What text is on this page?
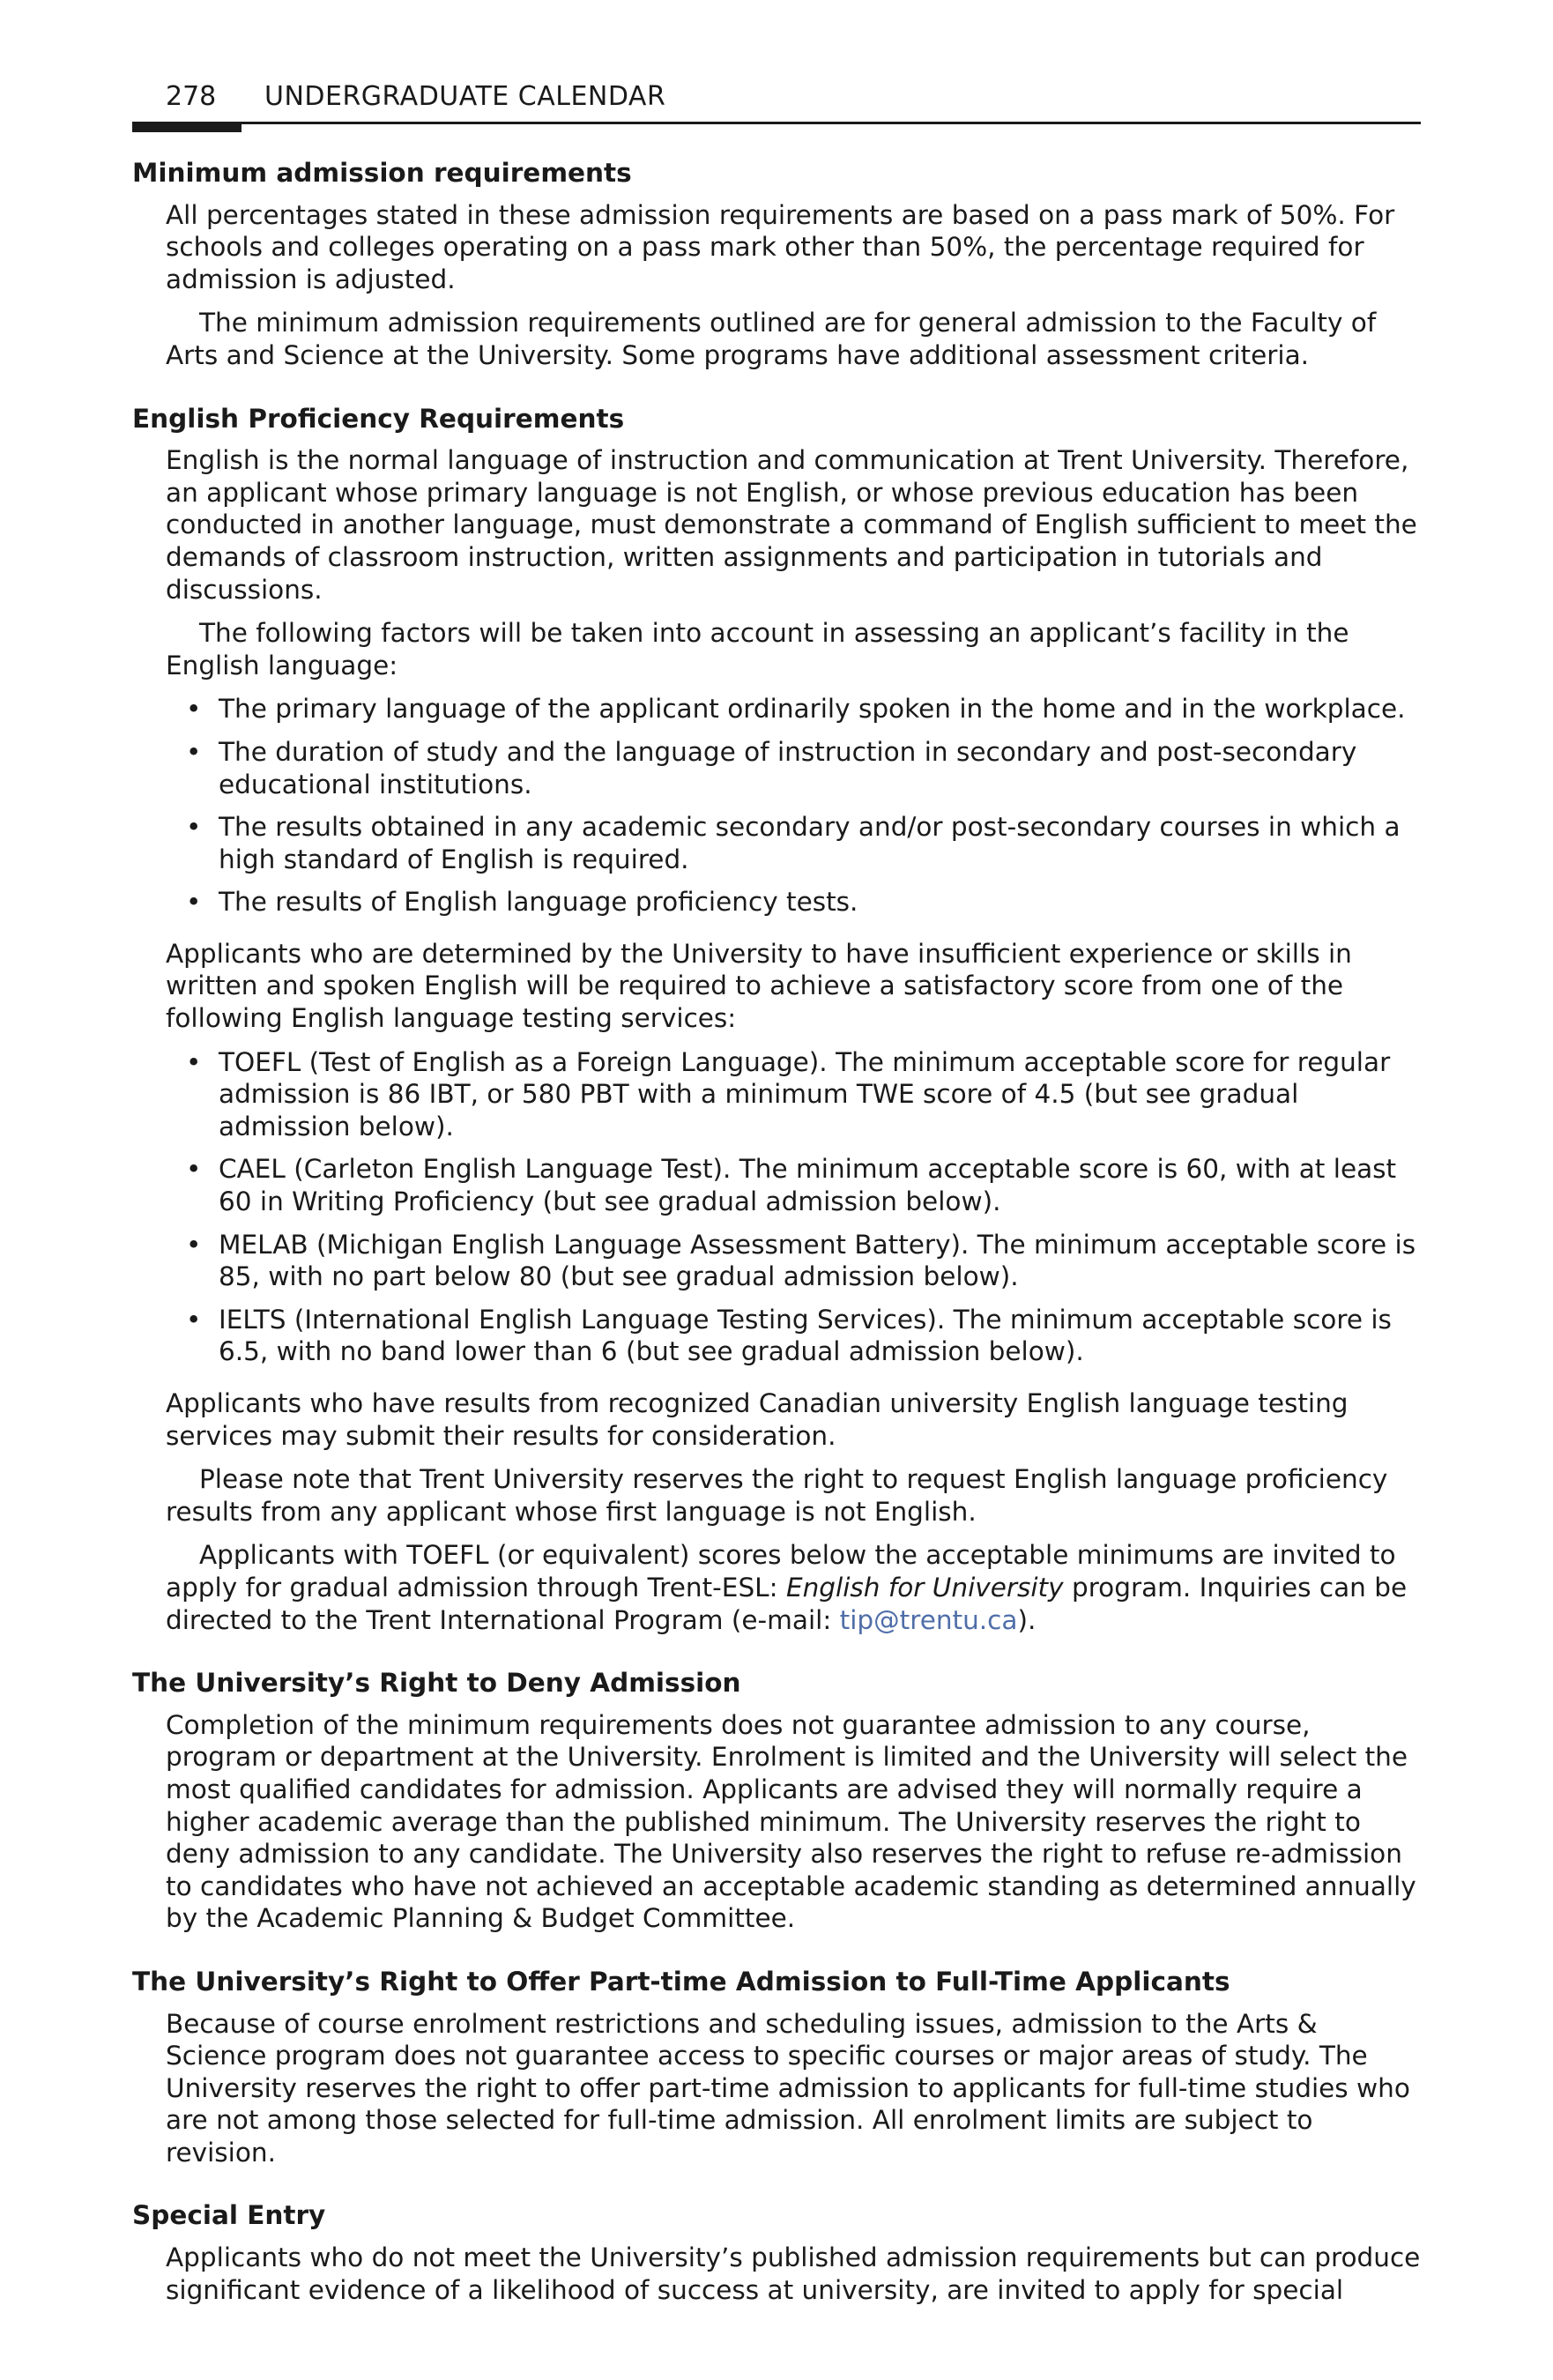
278 UNDERGRADUATE CALENDAR
Minimum admission requirements

All percentages stated in these admission requirements are based on a pass mark of 50%. For schools and colleges operating on a pass mark other than 50%, the percentage required for admission is adjusted.

The minimum admission requirements outlined are for general admission to the Faculty of Arts and Science at the University. Some programs have additional assessment criteria.

English Proficiency Requirements

English is the normal language of instruction and communication at Trent University. Therefore, an applicant whose primary language is not English, or whose previous education has been conducted in another language, must demonstrate a command of English sufficient to meet the demands of classroom instruction, written assignments and participation in tutorials and discussions.

The following factors will be taken into account in assessing an applicant’s facility in the English language:

• The primary language of the applicant ordinarily spoken in the home and in the workplace.
• The duration of study and the language of instruction in secondary and post-secondary educational institutions.
• The results obtained in any academic secondary and/or post-secondary courses in which a high standard of English is required.
• The results of English language proficiency tests.

Applicants who are determined by the University to have insufficient experience or skills in written and spoken English will be required to achieve a satisfactory score from one of the following English language testing services:

• TOEFL (Test of English as a Foreign Language). The minimum acceptable score for regular admission is 86 IBT, or 580 PBT with a minimum TWE score of 4.5 (but see gradual admission below).
• CAEL (Carleton English Language Test). The minimum acceptable score is 60, with at least 60 in Writing Proficiency (but see gradual admission below).
• MELAB (Michigan English Language Assessment Battery). The minimum acceptable score is 85, with no part below 80 (but see gradual admission below).
• IELTS (International English Language Testing Services). The minimum acceptable score is 6.5, with no band lower than 6 (but see gradual admission below).

Applicants who have results from recognized Canadian university English language testing services may submit their results for consideration.

Please note that Trent University reserves the right to request English language proficiency results from any applicant whose first language is not English.

Applicants with TOEFL (or equivalent) scores below the acceptable minimums are invited to apply for gradual admission through Trent-ESL: English for University program. Inquiries can be directed to the Trent International Program (e-mail: tip@trentu.ca).

The University’s Right to Deny Admission

Completion of the minimum requirements does not guarantee admission to any course, program or department at the University. Enrolment is limited and the University will select the most qualified candidates for admission. Applicants are advised they will normally require a higher academic average than the published minimum. The University reserves the right to deny admission to any candidate. The University also reserves the right to refuse re-admission to candidates who have not achieved an acceptable academic standing as determined annually by the Academic Planning & Budget Committee.

The University’s Right to Offer Part-time Admission to Full-Time Applicants

Because of course enrolment restrictions and scheduling issues, admission to the Arts & Science program does not guarantee access to specific courses or major areas of study. The University reserves the right to offer part-time admission to applicants for full-time studies who are not among those selected for full-time admission. All enrolment limits are subject to revision.

Special Entry

Applicants who do not meet the University’s published admission requirements but can produce significant evidence of a likelihood of success at university, are invited to apply for special
